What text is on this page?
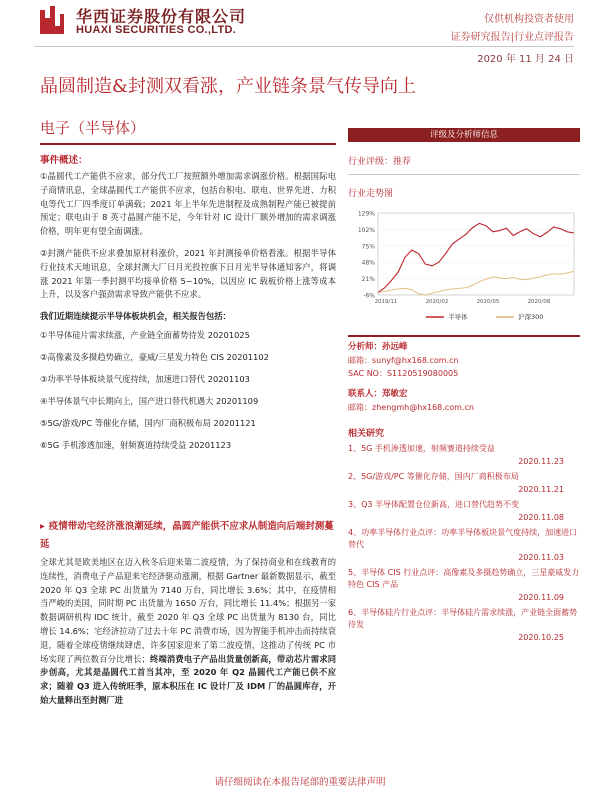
华西证券股份有限公司
HUAXI SECURITIES CO.,LTD.
仅供机构投资者使用
证券研究报告|行业点评报告
2020 年 11 月 24 日
晶圆制造&封测双看涨，产业链条景气传导向上
电子（半导体）
事件概述：
①晶圆代工产能供不应求，部分代工厂按照额外增加需求调涨价格。根据国际电子商情讯息，全球晶圆代工产能供不应求，包括台积电、联电、世界先进、力积电等代工厂四季度订单满载；2021 年上半年先进制程及成熟制程产能已被提前预定；联电由于 8 英寸晶圆产能不足，今年针对 IC 设计厂额外增加的需求调涨价格，明年更有望全面调涨。
②封测产能供不应求叠加原材料涨价，2021 年封测接单价格看涨。根据半导体行业技术天地讯息，全球封测大厂日月光投控旗下日月光半导体通知客户，将调涨 2021 年第一季封测平均接单价格 5~10%，以因应 IC 载板价格上涨等成本上升，以及客户强劲需求导致产能供不应求。
我们近期连续提示半导体板块机会，相关报告包括：
①半导体硅片需求续涨，产业链全面蓄势待发 20201025
②高像素及多摄趋势确立，豪威/三星发力特色 CIS 20201102
③功率半导体板块景气度持续，加速进口替代 20201103
④半导体景气中长期向上，国产进口替代机遇大 20201109
⑤5G/游戏/PC 等催化存储，国内厂商积极布局 20201121
⑥5G 手机渗透加速，射频赛道持续受益 20201123
▸ 疫情带动宅经济涨浪潮延续，晶圆产能供不应求从制造向后端封测蔓延
全球尤其是欧美地区在迈入秋冬后迎来第二波疫情，为了保持商业和在线教育的连续性，消费电子产品迎来宅经济驱动涨潮，根据 Gartner 最新数据显示，截至 2020 年 Q3 全球 PC 出货量为 7140 万台，同比增长 3.6%；其中，在疫情相当严峻的美国，同时期 PC 出货量为 1650 万台，同比增长 11.4%；根据另一家数据调研机构 IDC 统计，截至 2020 年 Q3 全球 PC 出货量为 8130 台，同比增长 14.6%；宅经济拉动了过去十年 PC 消费市场，因为智能手机冲击而持续衰退，随着全球疫情继续肆虐，许多国家迎来了第二波疫情，这推动了传统 PC 市场实现了两位数百分比增长；终端消费电子产品出货量创新高，带动芯片需求同步创高，尤其是晶圆代工首当其冲，至 2020 年 Q2 晶圆代工产能已供不应求；随着 Q3 进入传统旺季，原本积压在 IC 设计厂及 IDM 厂的晶圆库存，开始大量释出至封测厂进
评级及分析师信息
行业评级：推荐
行业走势图
129%
102%
75%
48%
21%
-6%
2019/11	2020/02	2020/05	2020/08
半导体	沪深300
分析师：孙远峰
邮箱：sunyf@hx168.com.cn
SAC NO：S1120519080005
联系人：郑敏宏
邮箱：zhengmh@hx168.com.cn
相关研究
1、5G 手机渗透加速，射频赛道持续受益
2020.11.23
2、5G/游戏/PC 等催化存储，国内厂商积极布局
2020.11.21
3、Q3 半导体配置仓位新高，进口替代趋势不变
2020.11.08
4、功率半导体行业点评：功率半导体板块景气度持续，加速进口替代
2020.11.03
5、半导体 CIS 行业点评：高像素及多摄趋势确立，三星豪威发力特色 CIS 产品
2020.11.09
6、半导体硅片行业点评：半导体硅片需求续涨，产业链全面蓄势待发
2020.10.25
请仔细阅读在本报告尾部的重要法律声明
